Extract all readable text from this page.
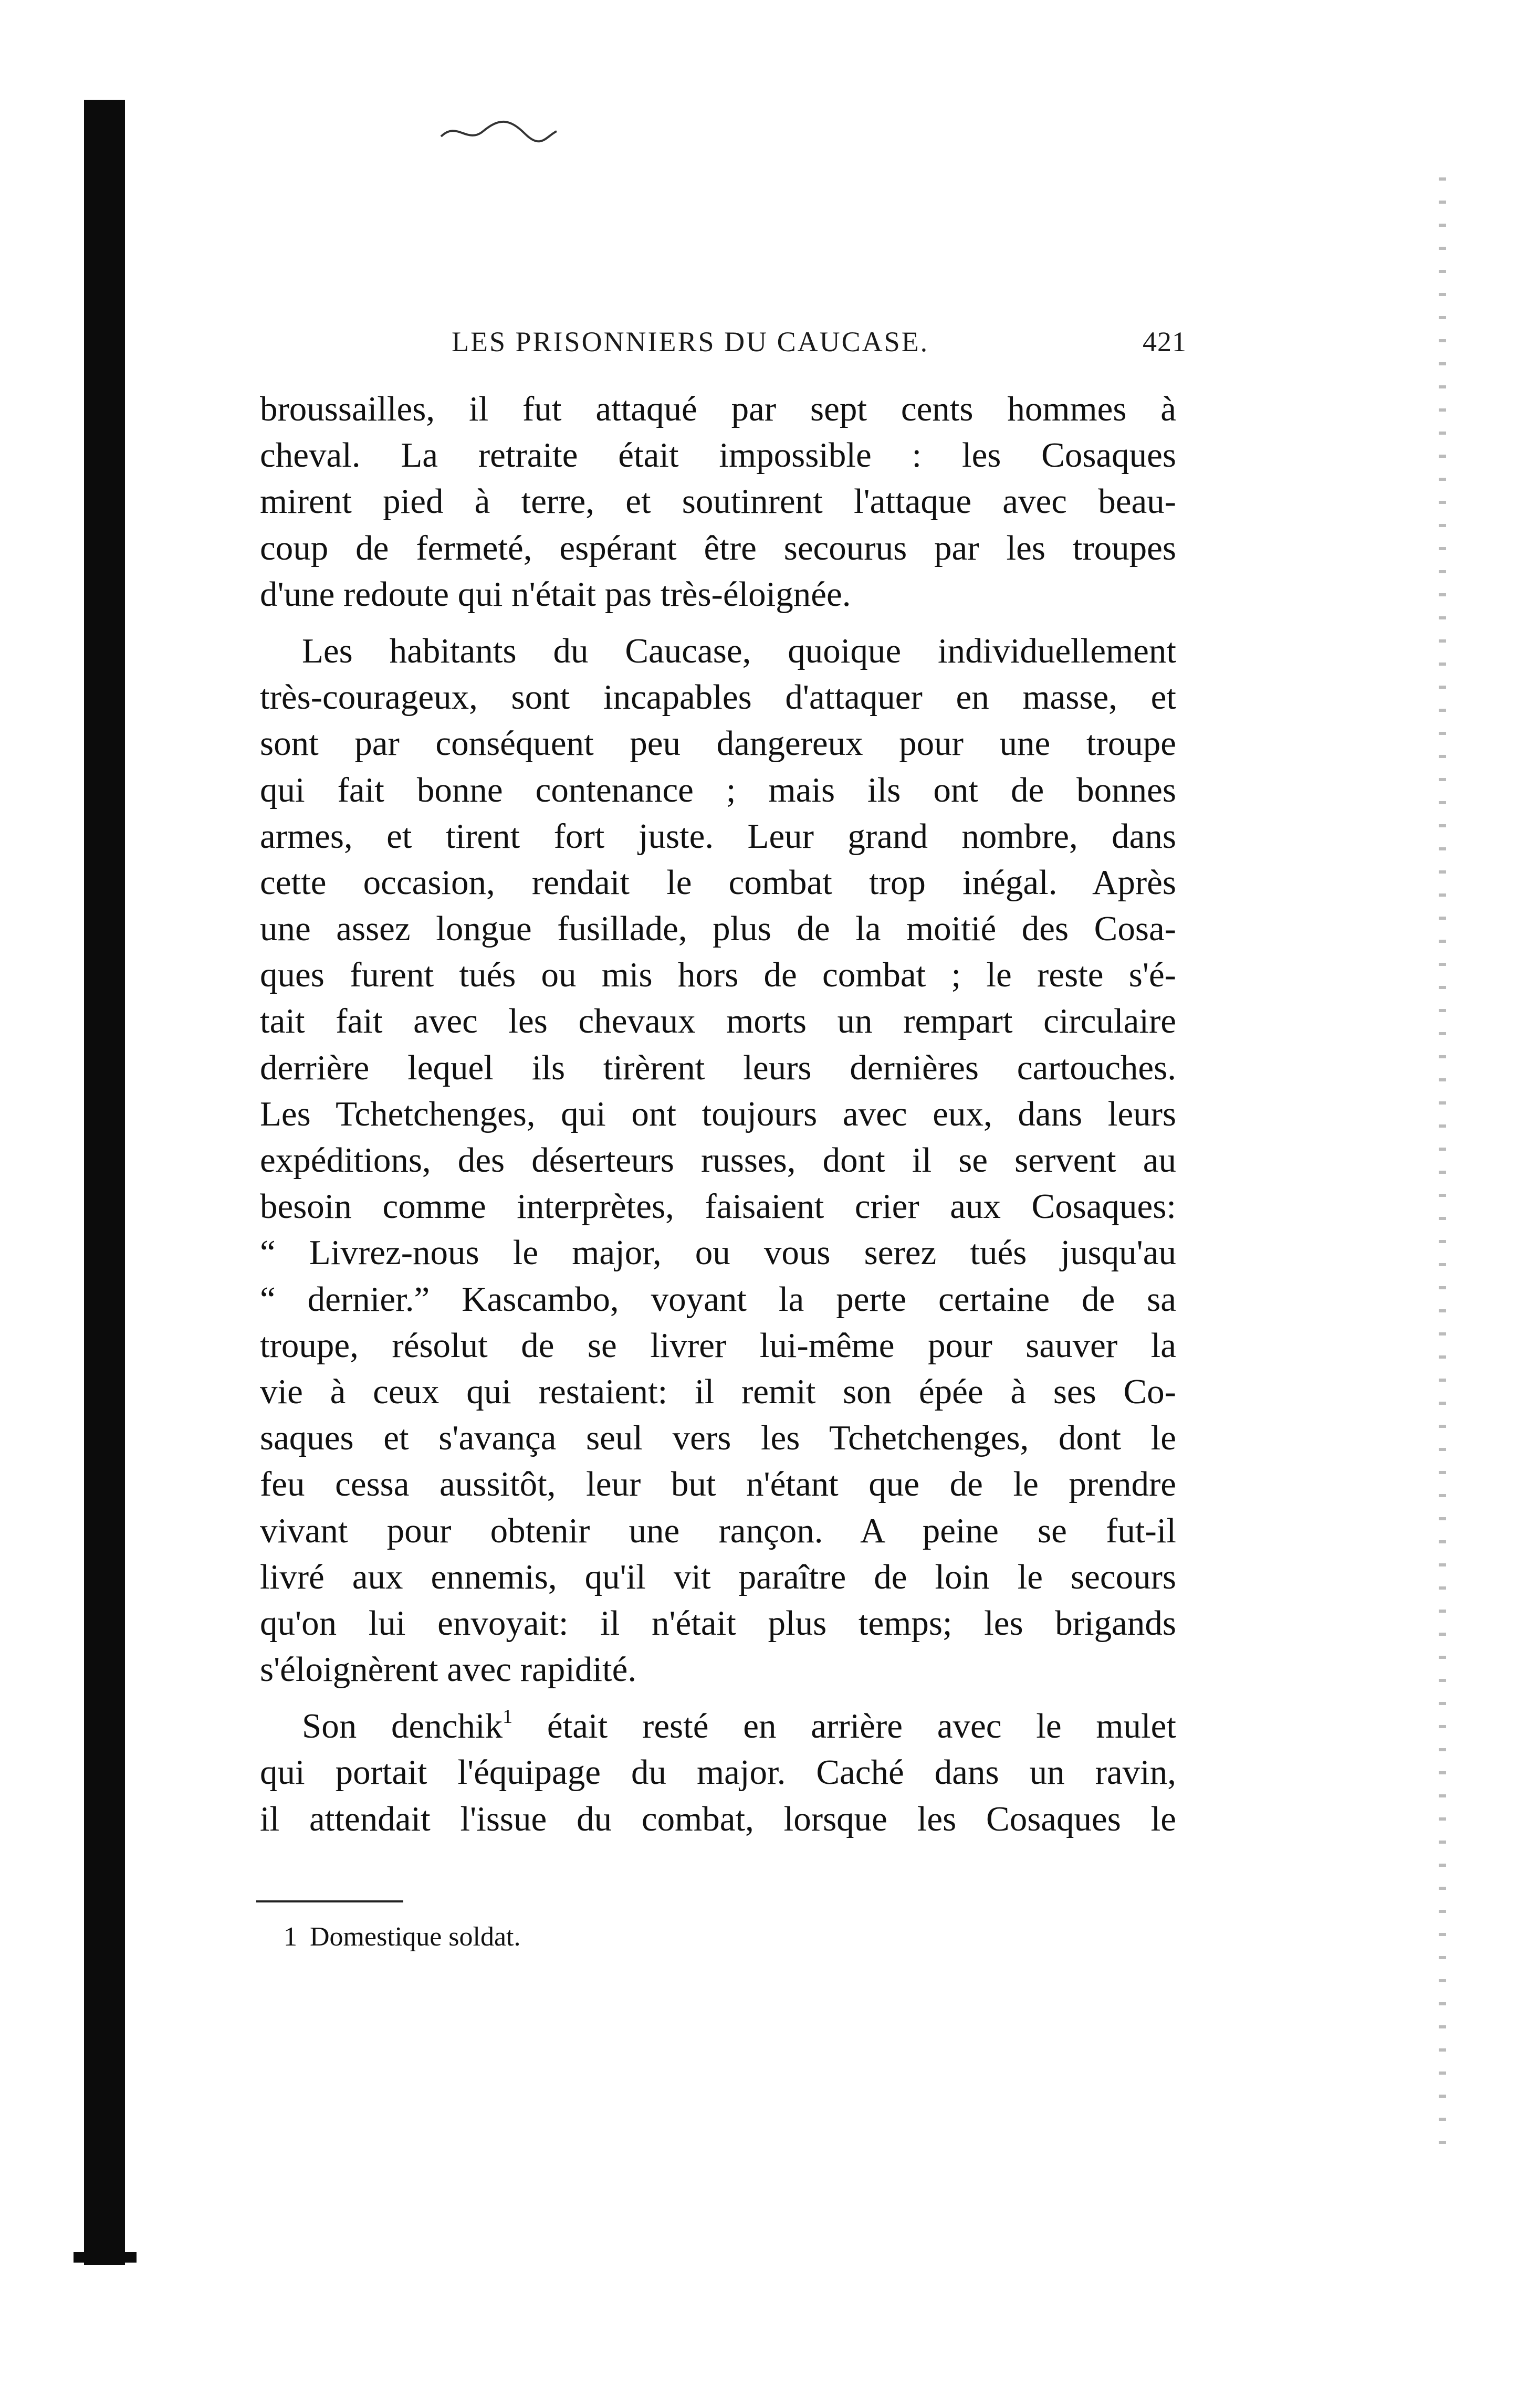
LES PRISONNIERS DU CAUCASE.	421
broussailles, il fut attaqué par sept cents hommes à
cheval. La retraite était impossible : les Cosaques
mirent pied à terre, et soutinrent l'attaque avec beau-
coup de fermeté, espérant être secourus par les troupes
d'une redoute qui n'était pas très-éloignée.
Les habitants du Caucase, quoique individuellement
très-courageux, sont incapables d'attaquer en masse, et
sont par conséquent peu dangereux pour une troupe
qui fait bonne contenance ; mais ils ont de bonnes
armes, et tirent fort juste. Leur grand nombre, dans
cette occasion, rendait le combat trop inégal. Après
une assez longue fusillade, plus de la moitié des Cosa-
ques furent tués ou mis hors de combat ; le reste s'é-
tait fait avec les chevaux morts un rempart circulaire
derrière lequel ils tirèrent leurs dernières cartouches.
Les Tchetchenges, qui ont toujours avec eux, dans leurs
expéditions, des déserteurs russes, dont il se servent au
besoin comme interprètes, faisaient crier aux Cosaques:
“ Livrez-nous le major, ou vous serez tués jusqu'au
“ dernier.” Kascambo, voyant la perte certaine de sa
troupe, résolut de se livrer lui-même pour sauver la
vie à ceux qui restaient: il remit son épée à ses Co-
saques et s'avança seul vers les Tchetchenges, dont le
feu cessa aussitôt, leur but n'étant que de le prendre
vivant pour obtenir une rançon. A peine se fut-il
livré aux ennemis, qu'il vit paraître de loin le secours
qu'on lui envoyait: il n'était plus temps; les brigands
s'éloignèrent avec rapidité.
Son denchik$^1$ était resté en arrière avec le mulet
qui portait l'équipage du major. Caché dans un ravin,
il attendait l'issue du combat, lorsque les Cosaques le
1 Domestique soldat.
